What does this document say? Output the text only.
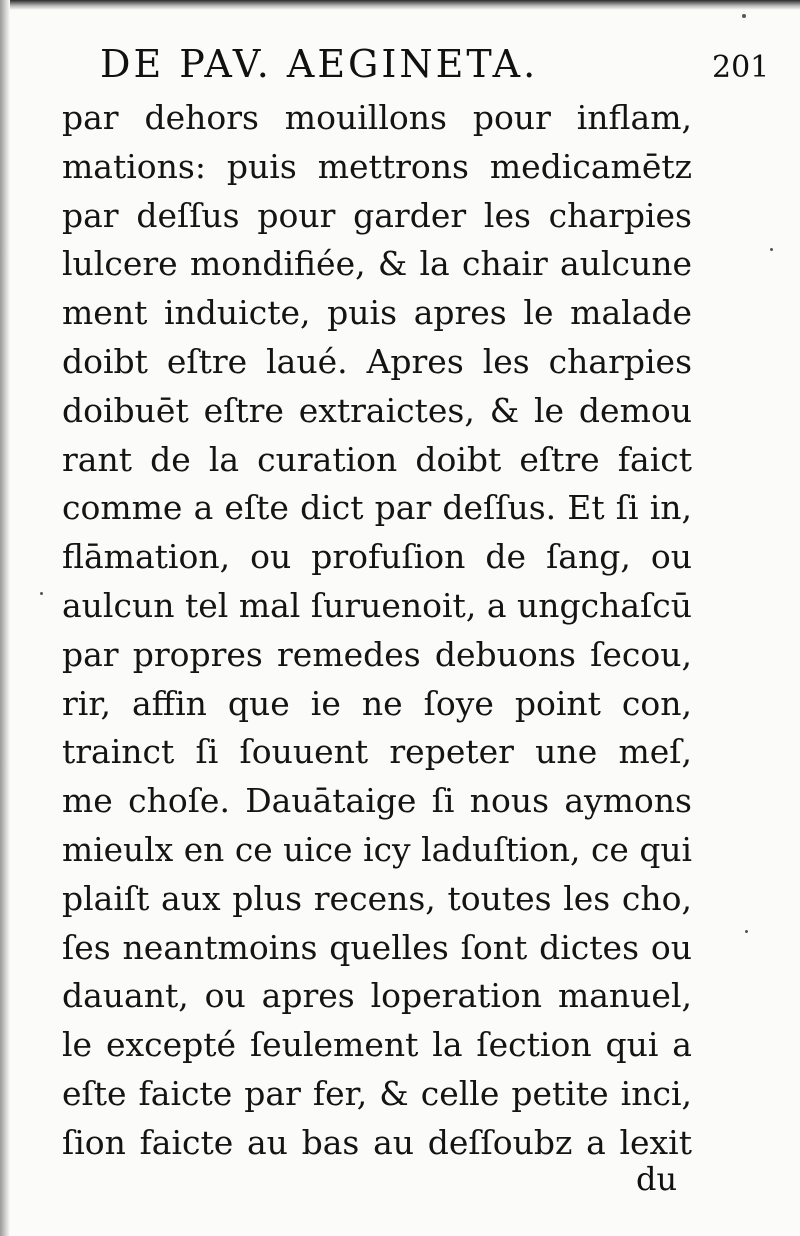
DE PAV. AEGINETA.	201
par dehors mouillons pour inflam,
mations: puis mettrons medicamētz
par deſſus pour garder les charpies
lulcere mondifiée, & la chair aulcune
ment induicte, puis apres le malade
doibt eſtre laué. Apres les charpies
doibuēt eſtre extraictes, & le demou
rant de la curation doibt eſtre faict
comme a eſte dict par deſſus. Et ſi in,
flāmation, ou profuſion de ſang, ou
aulcun tel mal ſuruenoit, a ungchaſcū
par propres remedes debuons ſecou,
rir, affin que ie ne ſoye point con,
trainct ſi ſouuent repeter une meſ,
me choſe. Dauātaige ſi nous aymons
mieulx en ce uice icy laduſtion, ce qui
plaiſt aux plus recens, toutes les cho,
ſes neantmoins quelles ſont dictes ou
dauant, ou apres loperation manuel,
le excepté ſeulement la ſection qui a
eſte faicte par fer, & celle petite inci,
ſion faicte au bas au deſſoubz a lexit
du
